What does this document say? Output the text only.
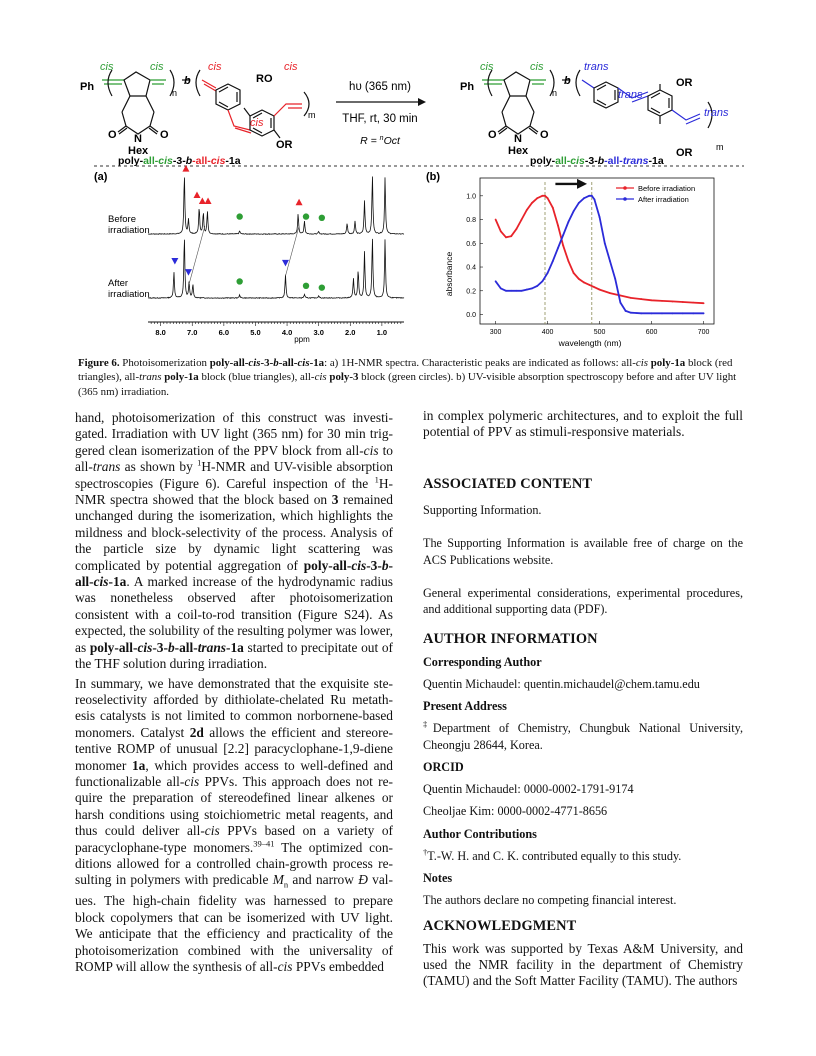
Ph
cis	cis
n
b
cis
RO
cis
cis
OR
m
O	O
N
Hex
poly-all-cis-3-b-all-cis-1a
hυ (365 nm)
THF, rt, 30 min
R = $^n$Oct
Ph
cis	cis
n
b
trans
trans
OR
trans
OR	m
O	O
N
Hex
poly-all-cis-3-b-all-trans-1a
(a)
Before
irradiation
After
irradiation
8.0	7.0	6.0	5.0	4.0	3.0	2.0	1.0
ppm
(b)
0.0
0.2
0.4
0.6
0.8
1.0
300	400	500	600	700
Before irradiation
After irradiation
wavelength (nm)
absorbance
Figure 6. Photoisomerization poly-all-cis-3-b-all-cis-1a: a) 1H-NMR spectra. Characteristic peaks are indicated as follows: all-cis poly-1a block (red triangles), all-trans poly-1a block (blue triangles), all-cis poly-3 block (green circles). b) UV-visible absorption spectroscopy before and after UV light (365 nm) irradiation.

hand, photoisomerization of this construct was investigated. Irradiation with UV light (365 nm) for 30 min triggered clean isomerization of the PPV block from all-cis to all-trans as shown by $^1$H-NMR and UV-visible absorption spectroscopies (Figure 6). Careful inspection of the $^1$H-NMR spectra showed that the block based on 3 remained unchanged during the isomerization, which highlights the mildness and block-selectivity of the process. Analysis of the particle size by dynamic light scattering was complicated by potential aggregation of poly-all-cis-3-b-all-cis-1a. A marked increase of the hydrodynamic radius was nonetheless observed after photoisomerization consistent with a coil-to-rod transition (Figure S24). As expected, the solubility of the resulting polymer was lower, as poly-all-cis-3-b-all-trans-1a started to precipitate out of the THF solution during irradiation.

In summary, we have demonstrated that the exquisite stereoselectivity afforded by dithiolate-chelated Ru metathesis catalysts is not limited to common norbornene-based monomers. Catalyst 2d allows the efficient and stereoretentive ROMP of unusual [2.2] paracyclophane-1,9-diene monomer 1a, which provides access to well-defined and functionalizable all-cis PPVs. This approach does not require the preparation of stereodefined linear alkenes or harsh conditions using stoichiometric metal reagents, and thus could deliver all-cis PPVs based on a variety of paracyclophane-type monomers.$^{39-41}$ The optimized conditions allowed for a controlled chain-growth process resulting in polymers with predicable $M_n$ and narrow Đ values. The high-chain fidelity was harnessed to prepare block copolymers that can be isomerized with UV light. We anticipate that the efficiency and practicality of the photoisomerization combined with the universality of ROMP will allow the synthesis of all-cis PPVs embedded

in complex polymeric architectures, and to exploit the full potential of PPV as stimuli-responsive materials.

ASSOCIATED CONTENT

Supporting Information.

The Supporting Information is available free of charge on the ACS Publications website.

General experimental considerations, experimental procedures, and additional supporting data (PDF).

AUTHOR INFORMATION
Corresponding Author

Quentin Michaudel: quentin.michaudel@chem.tamu.edu

Present Address

‡Department of Chemistry, Chungbuk National University, Cheongju 28644, Korea.

ORCID

Quentin Michaudel: 0000-0002-1791-9174

Cheoljae Kim: 0000-0002-4771-8656

Author Contributions

†T.-W. H. and C. K. contributed equally to this study.

Notes

The authors declare no competing financial interest.

ACKNOWLEDGMENT

This work was supported by Texas A&M University, and used the NMR facility in the department of Chemistry (TAMU) and the Soft Matter Facility (TAMU). The authors
